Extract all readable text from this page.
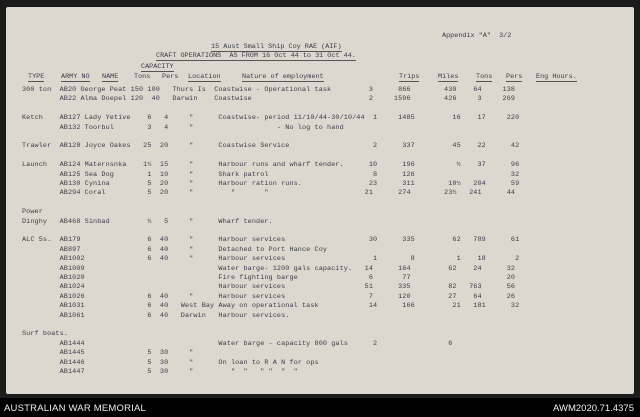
Appendix "A"  3/2
15 Aust Small Ship Coy RAE (AIF)
CRAFT OPERATIONS  AS FROM 16 Oct 44 to 31 Oct 44.
CAPACITY
TYPE ARMY NO NAME Tons Pers Location	Nature of employment	Trips	Miles	Tons Pers Eng Hours.
300 ton  AB20 George Peat 150 100   Thurs Is  Coastwise - Operational task         3      866        430    64     138
AB22 Alma Doepel 120  40   Darwin    Coastwise                            2     1596        426     3     269
Ketch    AB127 Lady Yetive    6   4     "      Coastwise- period 11/10/44-30/10/44  1     1485         16    17     220
AB132 Toorbul        3   4     "                    - No log to hand
Trawler  AB128 Joyce Oakes   25  20     "      Coastwise Service                    2      337         45    22      42
Launch   AB124 Maternsnka    1½  15     "      Harbour runs and wharf tender.      10      196          ½    37      96
AB125 Sea Dog        1  10     "      Shark patrol                         8      126                       32
AB130 Cynina         5  20     "      Harbour ration runs.                23      311        10½   204      59
AB294 Coral          5  20     "         "       "                       21      274        23½   241      44
Power
Dinghy   AB468 Sinbad         ½   5     "      Wharf tender.
ALC 5s.  AB179                6  40     "      Harbour services                    30      335         62   789      61
AB897                6  40     "      Detached to Port Hance Coy
AB1002               6  40     "      Harbour services                     1        8          1    18       2
AB1009                                Water barge- 1200 gals capacity.   14      164         62    24      32
AB1020                                Fire fighting barge                 6       77                       20
AB1024                                Harbour services                   51      335         82   763      56
AB1026               6  40     "      Harbour services                    7      120         27    64      26
AB1031               6  40   West Bay Away on operational task            14      166         21   181      32
AB1061               6  40   Darwin   Harbour services.
Surf boats.
AB1444                                Water barge - capacity 800 gals      2                 6
AB1445               5  30     "
AB1446               5  30     "      On loan to R A N for ops
AB1447               5  30     "         "  "   " "  "  "
AUSTRALIAN WAR MEMORIAL	AWM2020.71.4375
